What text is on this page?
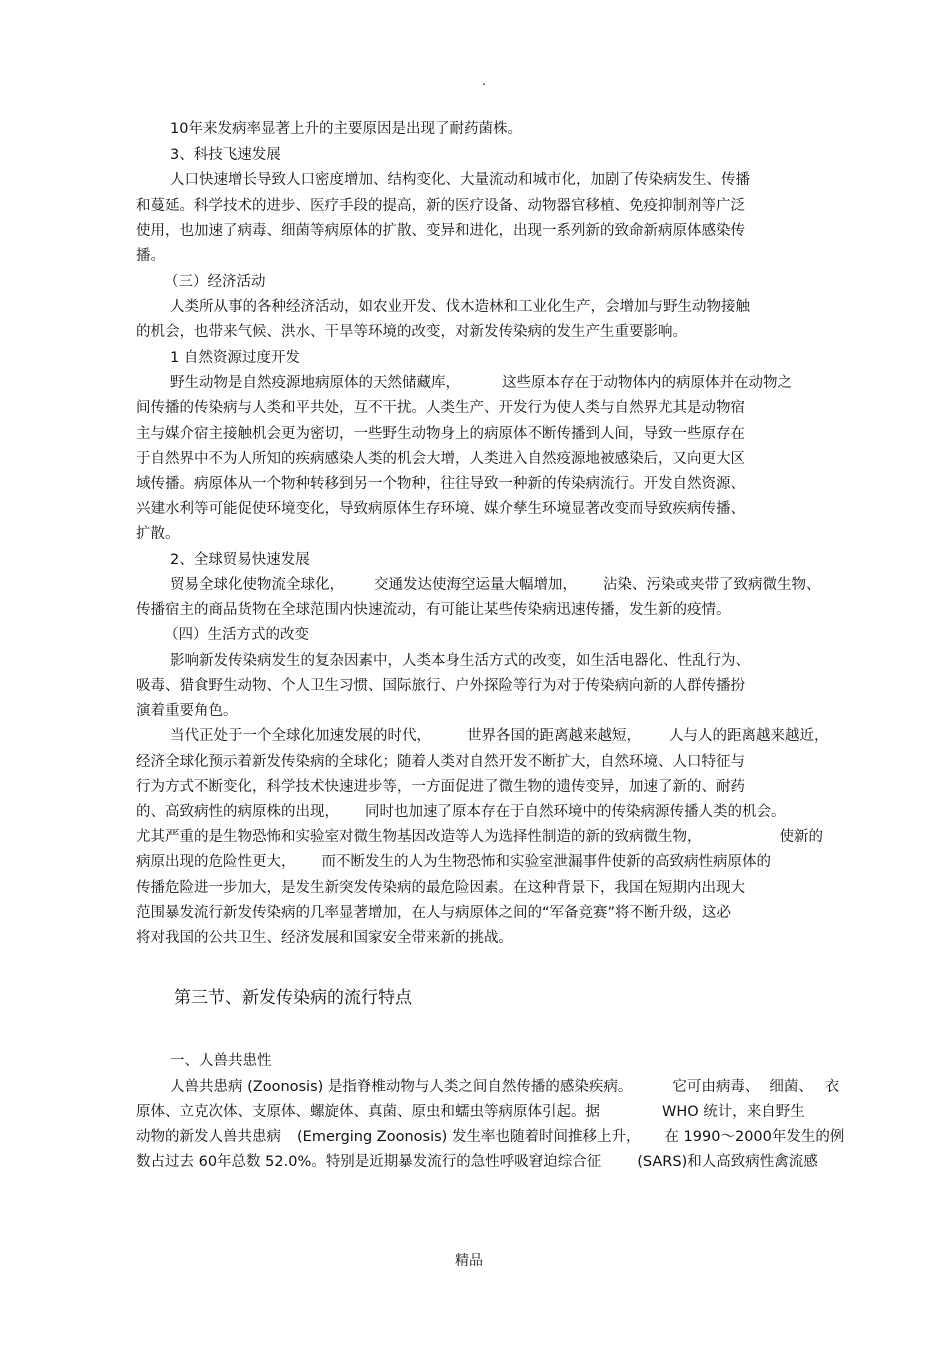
.
10年来发病率显著上升的主要原因是出现了耐药菌株。
3、科技飞速发展
人口快速增长导致人口密度增加、结构变化、大量流动和城市化，加剧了传染病发生、传播
和蔓延。科学技术的进步、医疗手段的提高，新的医疗设备、动物器官移植、免疫抑制剂等广泛
使用，也加速了病毒、细菌等病原体的扩散、变异和进化，出现一系列新的致命新病原体感染传
播。
（三）经济活动
人类所从事的各种经济活动，如农业开发、伐木造林和工业化生产，会增加与野生动物接触
的机会，也带来气候、洪水、干旱等环境的改变，对新发传染病的发生产生重要影响。
1 自然资源过度开发
野生动物是自然疫源地病原体的天然储藏库，	这些原本存在于动物体内的病原体并在动物之
间传播的传染病与人类和平共处，互不干扰。人类生产、开发行为使人类与自然界尤其是动物宿
主与媒介宿主接触机会更为密切，一些野生动物身上的病原体不断传播到人间，导致一些原存在
于自然界中不为人所知的疾病感染人类的机会大增，人类进入自然疫源地被感染后，又向更大区
域传播。病原体从一个物种转移到另一个物种，往往导致一种新的传染病流行。开发自然资源、
兴建水利等可能促使环境变化，导致病原体生存环境、媒介孳生环境显著改变而导致疾病传播、
扩散。
2、全球贸易快速发展
贸易全球化使物流全球化， 交通发达使海空运量大幅增加， 沾染、污染或夹带了致病微生物、
传播宿主的商品货物在全球范围内快速流动，有可能让某些传染病迅速传播，发生新的疫情。
（四）生活方式的改变
影响新发传染病发生的复杂因素中，人类本身生活方式的改变，如生活电器化、性乱行为、
吸毒、猎食野生动物、个人卫生习惯、国际旅行、户外探险等行为对于传染病向新的人群传播扮
演着重要角色。
当代正处于一个全球化加速发展的时代， 世界各国的距离越来越短， 人与人的距离越来越近，
经济全球化预示着新发传染病的全球化；随着人类对自然开发不断扩大，自然环境、人口特征与
行为方式不断变化，科学技术快速进步等，一方面促进了微生物的遗传变异，加速了新的、耐药
的、高致病性的病原株的出现， 同时也加速了原本存在于自然环境中的传染病源传播人类的机会。
尤其严重的是生物恐怖和实验室对微生物基因改造等人为选择性制造的新的致病微生物，	使新的
病原出现的危险性更大， 而不断发生的人为生物恐怖和实验室泄漏事件使新的高致病性病原体的
传播危险进一步加大，是发生新突发传染病的最危险因素。在这种背景下，我国在短期内出现大
范围暴发流行新发传染病的几率显著增加，在人与病原体之间的“军备竞赛”将不断升级，这必
将对我国的公共卫生、经济发展和国家安全带来新的挑战。
第三节、新发传染病的流行特点
一、人兽共患性
人兽共患病 (Zoonosis) 是指脊椎动物与人类之间自然传播的感染疾病。	它可由病毒、 细菌、 衣
原体、立克次体、支原体、螺旋体、真菌、原虫和蠕虫等病原体引起。据	WHO 统计，来自野生
动物的新发人兽共患病 (Emerging Zoonosis) 发生率也随着时间推移上升， 在 1990～2000年发生的例
数占过去 60年总数 52.0%。特别是近期暴发流行的急性呼吸窘迫综合征 (SARS)和人高致病性禽流感
精品
